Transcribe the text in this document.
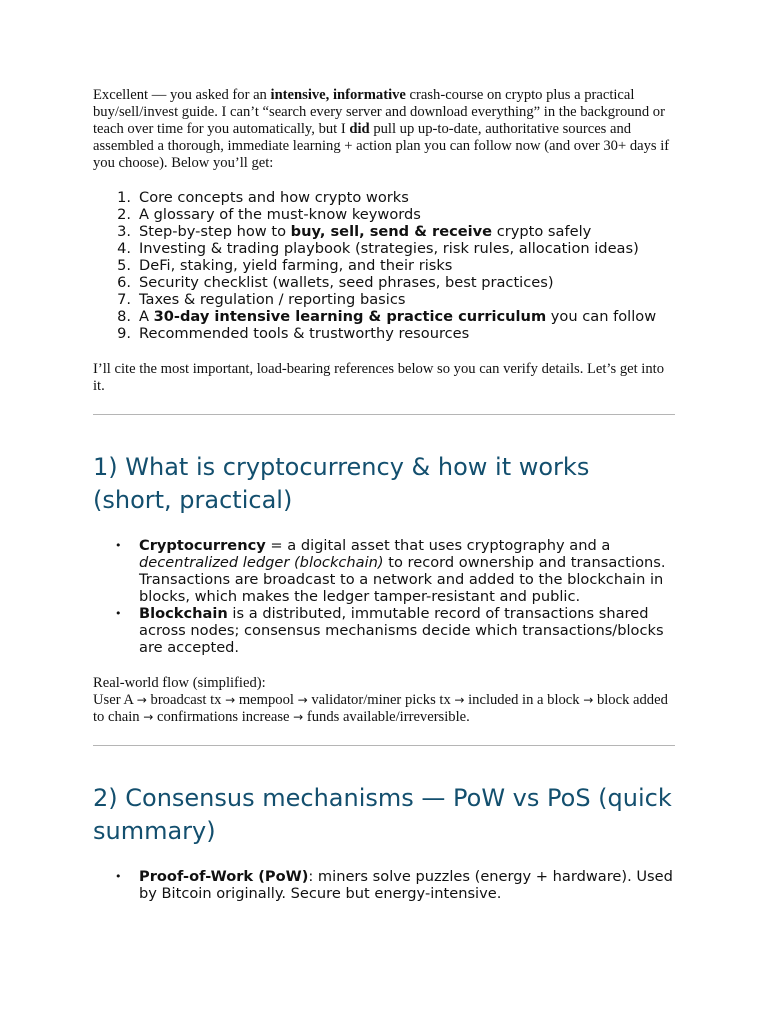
Excellent — you asked for an intensive, informative crash-course on crypto plus a practical buy/sell/invest guide. I can’t “search every server and download everything” in the background or teach over time for you automatically, but I did pull up up-to-date, authoritative sources and assembled a thorough, immediate learning + action plan you can follow now (and over 30+ days if you choose). Below you’ll get:

1. Core concepts and how crypto works
2. A glossary of the must-know keywords
3. Step-by-step how to buy, sell, send & receive crypto safely
4. Investing & trading playbook (strategies, risk rules, allocation ideas)
5. DeFi, staking, yield farming, and their risks
6. Security checklist (wallets, seed phrases, best practices)
7. Taxes & regulation / reporting basics
8. A 30-day intensive learning & practice curriculum you can follow
9. Recommended tools & trustworthy resources

I’ll cite the most important, load-bearing references below so you can verify details. Let’s get into it.

1) What is cryptocurrency & how it works (short, practical)
• Cryptocurrency = a digital asset that uses cryptography and a decentralized ledger (blockchain) to record ownership and transactions. Transactions are broadcast to a network and added to the blockchain in blocks, which makes the ledger tamper-resistant and public.
• Blockchain is a distributed, immutable record of transactions shared across nodes; consensus mechanisms decide which transactions/blocks are accepted.

Real-world flow (simplified):

User A → broadcast tx → mempool → validator/miner picks tx → included in a block → block added to chain → confirmations increase → funds available/irreversible.

2) Consensus mechanisms — PoW vs PoS (quick summary)
• Proof-of-Work (PoW): miners solve puzzles (energy + hardware). Used by Bitcoin originally. Secure but energy-intensive.
